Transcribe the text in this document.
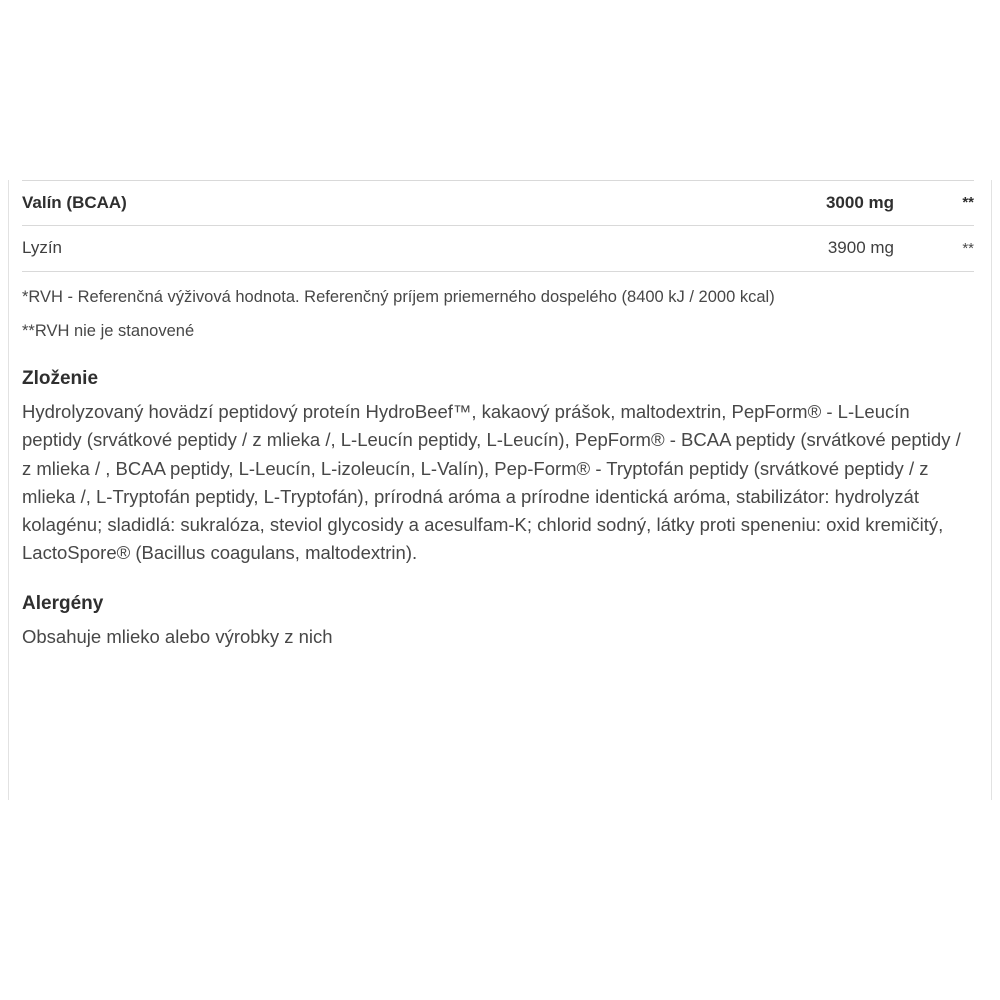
Valín (BCAA)	3000 mg	**
Lyzín	3900 mg	**

*RVH - Referenčná výživová hodnota. Referenčný príjem priemerného dospelého (8400 kJ / 2000 kcal)

**RVH nie je stanovené

Zloženie

Hydrolyzovaný hovädzí peptidový proteín HydroBeef™, kakaový prášok, maltodextrin, PepForm® - L-Leucín peptidy (srvátkové peptidy / z mlieka /, L-Leucín peptidy, L-Leucín), PepForm® - BCAA peptidy (srvátkové peptidy / z mlieka / , BCAA peptidy, L-Leucín, L-izoleucín, L-Valín), Pep-Form® - Tryptofán peptidy (srvátkové peptidy / z mlieka /, L-Tryptofán peptidy, L-Tryptofán), prírodná aróma a prírodne identická aróma, stabilizátor: hydrolyzát kolagénu; sladidlá: sukralóza, steviol glycosidy a acesulfam-K; chlorid sodný, látky proti speneniu: oxid kremičitý, LactoSpore® (Bacillus coagulans, maltodextrin).

Alergény

Obsahuje mlieko alebo výrobky z nich
